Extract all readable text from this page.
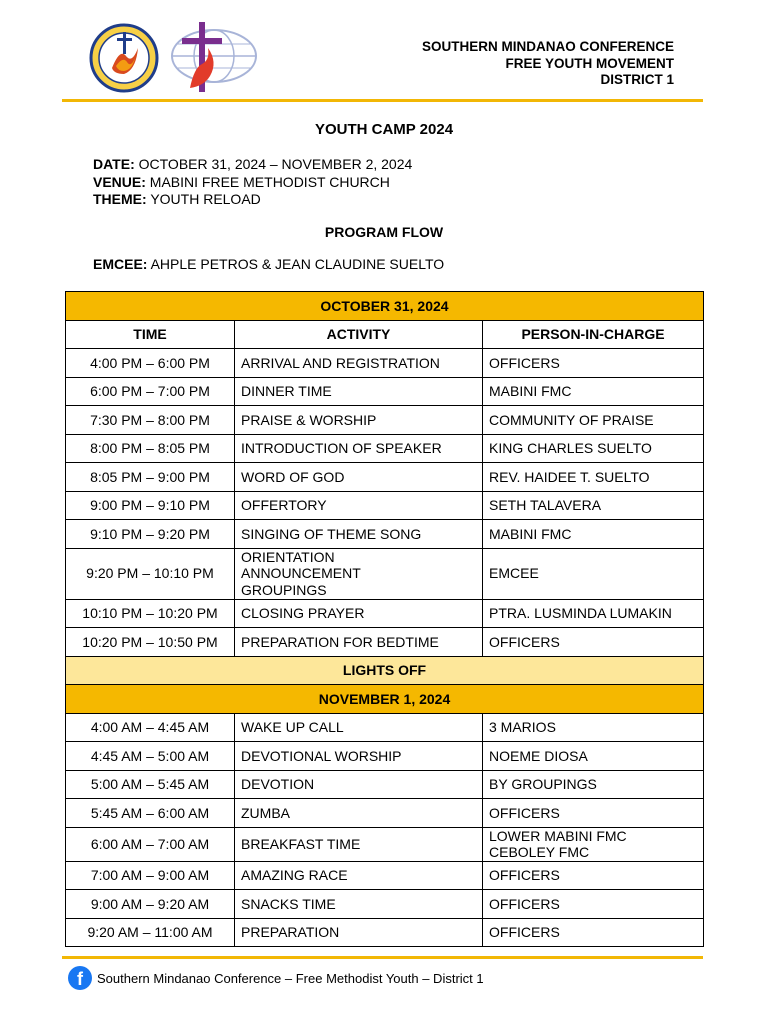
SOUTHERN MINDANAO CONFERENCE
FREE YOUTH MOVEMENT
DISTRICT 1
YOUTH CAMP 2024
DATE: OCTOBER 31, 2024 – NOVEMBER 2, 2024
VENUE: MABINI FREE METHODIST CHURCH
THEME: YOUTH RELOAD
PROGRAM FLOW
EMCEE: AHPLE PETROS & JEAN CLAUDINE SUELTO
OCTOBER 31, 2024		
TIME	ACTIVITY	PERSON-IN-CHARGE

4:00 PM – 6:00 PM	ARRIVAL AND REGISTRATION	OFFICERS

6:00 PM – 7:00 PM	DINNER TIME	MABINI FMC

7:30 PM – 8:00 PM	PRAISE & WORSHIP	COMMUNITY OF PRAISE

8:00 PM – 8:05 PM	INTRODUCTION OF SPEAKER	KING CHARLES SUELTO

8:05 PM – 9:00 PM	WORD OF GOD	REV. HAIDEE T. SUELTO

9:00 PM – 9:10 PM	OFFERTORY	SETH TALAVERA

9:10 PM – 9:20 PM	SINGING OF THEME SONG	MABINI FMC

9:20 PM – 10:10 PM	ORIENTATION
ANNOUNCEMENT
GROUPINGS	EMCEE

10:10 PM – 10:20 PM	CLOSING PRAYER	PTRA. LUSMINDA LUMAKIN

10:20 PM – 10:50 PM	PREPARATION FOR BEDTIME	OFFICERS

LIGHTS OFF		
NOVEMBER 1, 2024		

4:00 AM – 4:45 AM	WAKE UP CALL	3 MARIOS

4:45 AM – 5:00 AM	DEVOTIONAL WORSHIP	NOEME DIOSA

5:00 AM – 5:45 AM	DEVOTION	BY GROUPINGS

5:45 AM – 6:00 AM	ZUMBA	OFFICERS

6:00 AM – 7:00 AM	BREAKFAST TIME	LOWER MABINI FMC
CEBOLEY FMC

7:00 AM – 9:00 AM	AMAZING RACE	OFFICERS

9:00 AM – 9:20 AM	SNACKS TIME	OFFICERS

9:20 AM – 11:00 AM	PREPARATION	OFFICERS
f	Southern Mindanao Conference – Free Methodist Youth – District 1
